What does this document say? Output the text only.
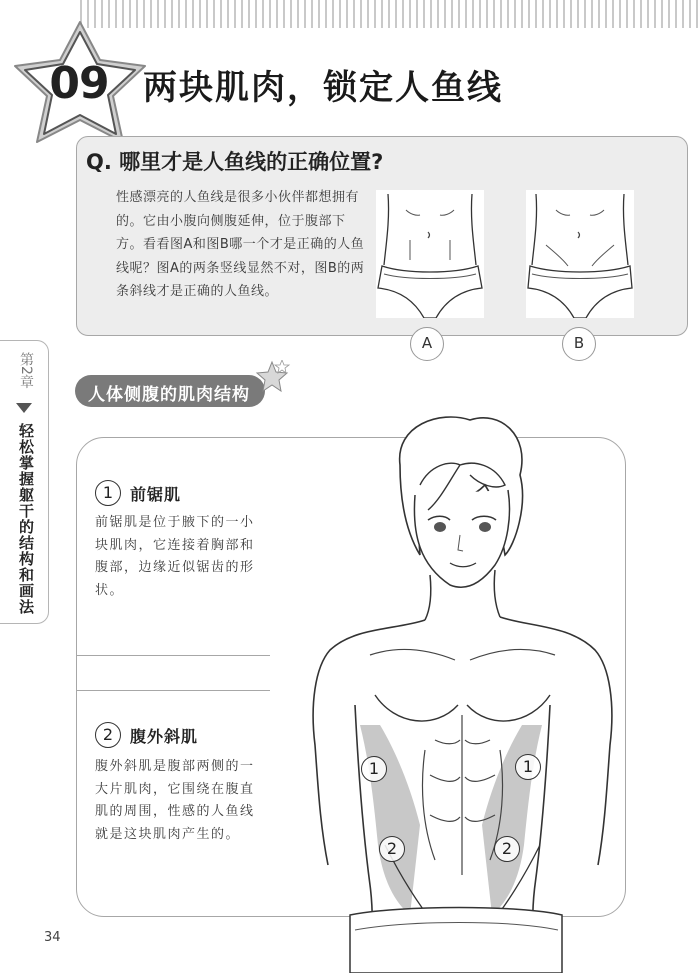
09	两块肌肉，锁定人鱼线
Q. 哪里才是人鱼线的正确位置?
性感漂亮的人鱼线是很多小伙伴都想拥有的。它由小腹向侧腹延伸，位于腹部下方。看看图A和图B哪一个才是正确的人鱼线呢？图A的两条竖线显然不对，图B的两条斜线才是正确的人鱼线。
A	B
第2章
轻松掌握躯干的结构和画法
人体侧腹的肌肉结构
1	前锯肌
前锯肌是位于腋下的一小块肌肉，它连接着胸部和腹部，边缘近似锯齿的形状。
2	腹外斜肌
腹外斜肌是腹部两侧的一大片肌肉，它围绕在腹直肌的周围，性感的人鱼线就是这块肌肉产生的。
1	1
2	2
34
